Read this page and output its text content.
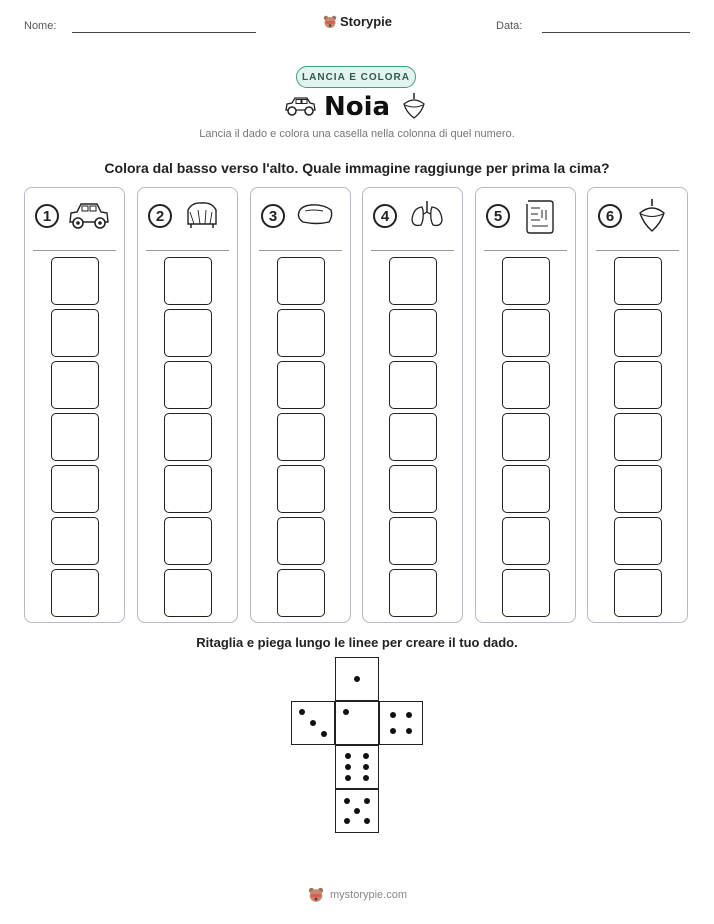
Nome:	Storypie	Data:
LANCIA E COLORA
Noia
Lancia il dado e colora una casella nella colonna di quel numero.
Colora dal basso verso l'alto. Quale immagine raggiunge per prima la cima?
1	2	3	4	5	6
Ritaglia e piega lungo le linee per creare il tuo dado.
mystorypie.com
